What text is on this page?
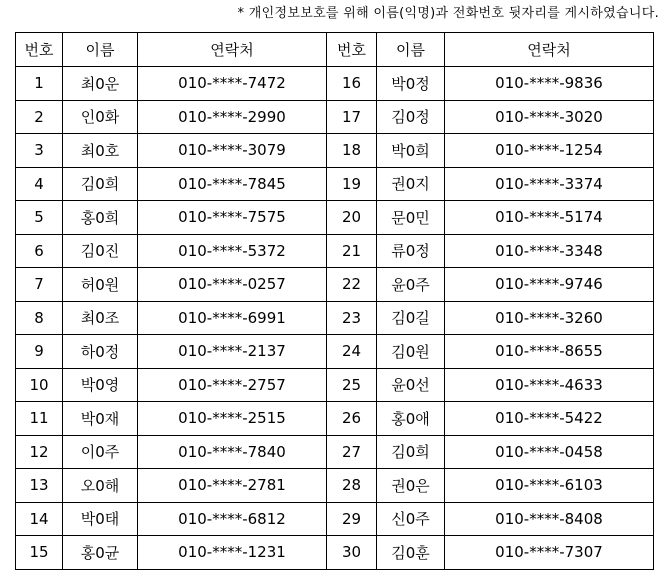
* 개인정보보호를 위해 이름(익명)과 전화번호 뒷자리를 게시하였습니다.
번호	이름	연락처	번호	이름	연락처
1	최0운	010-****-7472	16	박0정	010-****-9836
2	인0화	010-****-2990	17	김0정	010-****-3020
3	최0호	010-****-3079	18	박0희	010-****-1254
4	김0희	010-****-7845	19	권0지	010-****-3374
5	홍0희	010-****-7575	20	문0민	010-****-5174
6	김0진	010-****-5372	21	류0정	010-****-3348
7	허0원	010-****-0257	22	윤0주	010-****-9746
8	최0조	010-****-6991	23	김0길	010-****-3260
9	하0정	010-****-2137	24	김0원	010-****-8655
10	박0영	010-****-2757	25	윤0선	010-****-4633
11	박0재	010-****-2515	26	홍0애	010-****-5422
12	이0주	010-****-7840	27	김0희	010-****-0458
13	오0해	010-****-2781	28	권0은	010-****-6103
14	박0태	010-****-6812	29	신0주	010-****-8408
15	홍0균	010-****-1231	30	김0훈	010-****-7307
